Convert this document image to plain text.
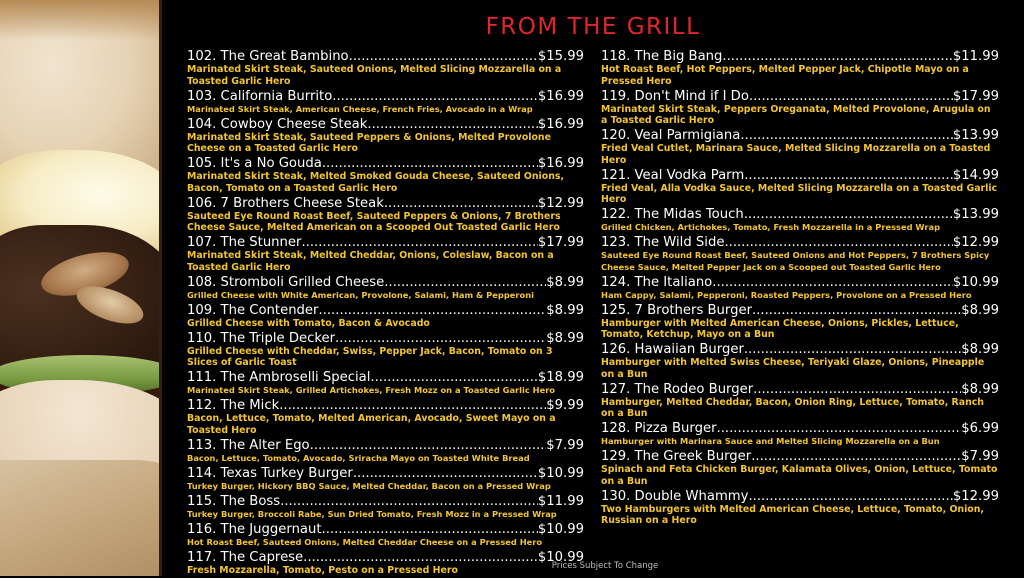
FROM THE GRILL
102. The Great Bambino .....	$15.99
Marinated Skirt Steak, Sauteed Onions, Melted Slicing Mozzarella on a Toasted Garlic Hero
103. California Burrito .....	$16.99
Marinated Skirt Steak, American Cheese, French Fries, Avocado in a Wrap
104. Cowboy Cheese Steak .....	$16.99
Marinated Skirt Steak, Sauteed Peppers & Onions, Melted Provolone Cheese on a Toasted Garlic Hero
105. It's a No Gouda .....	$16.99
Marinated Skirt Steak, Melted Smoked Gouda Cheese, Sauteed Onions, Bacon, Tomato on a Toasted Garlic Hero
106. 7 Brothers Cheese Steak .....	$12.99
Sauteed Eye Round Roast Beef, Sauteed Peppers & Onions, 7 Brothers Cheese Sauce, Melted American on a Scooped Out Toasted Garlic Hero
107. The Stunner .....	$17.99
Marinated Skirt Steak, Melted Cheddar, Onions, Coleslaw, Bacon on a Toasted Garlic Hero
108. Stromboli Grilled Cheese .....	$8.99
Grilled Cheese with White American, Provolone, Salami, Ham & Pepperoni
109. The Contender .....	$8.99
Grilled Cheese with Tomato, Bacon & Avocado
110. The Triple Decker .....	$8.99
Grilled Cheese with Cheddar, Swiss, Pepper Jack, Bacon, Tomato on 3 Slices of Garlic Toast
111. The Ambroselli Special .....	$18.99
Marinated Skirt Steak, Grilled Artichokes, Fresh Mozz on a Toasted Garlic Hero
112. The Mick .....	$9.99
Bacon, Lettuce, Tomato, Melted American, Avocado, Sweet Mayo on a Toasted Hero
113. The Alter Ego .....	$7.99
Bacon, Lettuce, Tomato, Avocado, Sriracha Mayo on Toasted White Bread
114. Texas Turkey Burger .....	$10.99
Turkey Burger, Hickory BBQ Sauce, Melted Cheddar, Bacon on a Pressed Wrap
115. The Boss .....	$11.99
Turkey Burger, Broccoli Rabe, Sun Dried Tomato, Fresh Mozz in a Pressed Wrap
116. The Juggernaut .....	$10.99
Hot Roast Beef, Sauteed Onions, Melted Cheddar Cheese on a Pressed Hero
117. The Caprese .....	$10.99
Fresh Mozzarella, Tomato, Pesto on a Pressed Hero
118. The Big Bang .....	$11.99
Hot Roast Beef, Hot Peppers, Melted Pepper Jack, Chipotle Mayo on a Pressed Hero
119. Don't Mind if I Do .....	$17.99
Marinated Skirt Steak, Peppers Oreganata, Melted Provolone, Arugula on a Toasted Garlic Hero
120. Veal Parmigiana .....	$13.99
Fried Veal Cutlet, Marinara Sauce, Melted Slicing Mozzarella on a Toasted Hero
121. Veal Vodka Parm .....	$14.99
Fried Veal, Alla Vodka Sauce, Melted Slicing Mozzarella on a Toasted Garlic Hero
122. The Midas Touch .....	$13.99
Grilled Chicken, Artichokes, Tomato, Fresh Mozzarella in a Pressed Wrap
123. The Wild Side .....	$12.99
Sauteed Eye Round Roast Beef, Sauteed Onions and Hot Peppers, 7 Brothers Spicy Cheese Sauce, Melted Pepper Jack on a Scooped out Toasted Garlic Hero
124. The Italiano .....	$10.99
Ham Cappy, Salami, Pepperoni, Roasted Peppers, Provolone on a Pressed Hero
125. 7 Brothers Burger .....	$8.99
Hamburger with Melted American Cheese, Onions, Pickles, Lettuce, Tomato, Ketchup, Mayo on a Bun
126. Hawaiian Burger .....	$8.99
Hamburger with Melted Swiss Cheese, Teriyaki Glaze, Onions, Pineapple on a Bun
127. The Rodeo Burger .....	$8.99
Hamburger, Melted Cheddar, Bacon, Onion Ring, Lettuce, Tomato, Ranch on a Bun
128. Pizza Burger .....	$6.99
Hamburger with Marinara Sauce and Melted Slicing Mozzarella on a Bun
129. The Greek Burger .....	$7.99
Spinach and Feta Chicken Burger, Kalamata Olives, Onion, Lettuce, Tomato on a Bun
130. Double Whammy .....	$12.99
Two Hamburgers with Melted American Cheese, Lettuce, Tomato, Onion, Russian on a Hero
Prices Subject To Change
